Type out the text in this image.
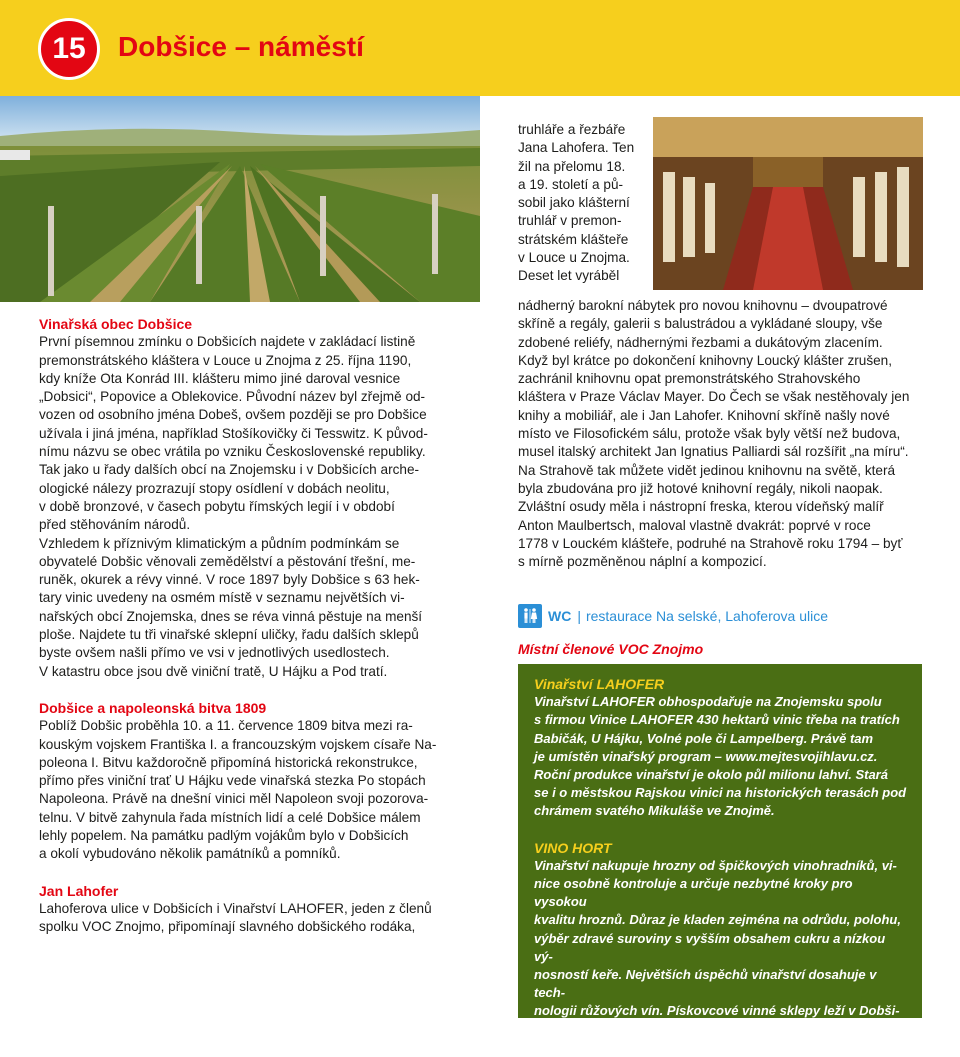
15	Dobšice – náměstí
Vinařská obec Dobšice

První písemnou zmínku o Dobšicích najdete v zakládací listině

premonstrátského kláštera v Louce u Znojma z 25. října 1190,

kdy kníže Ota Konrád III. klášteru mimo jiné daroval vesnice

„Dobsici“, Popovice a Oblekovice. Původní název byl zřejmě od-

vozen od osobního jména Dobeš, ovšem později se pro Dobšice

užívala i jiná jména, například Stošíkovičky či Tesswitz. K původ-

nímu názvu se obec vrátila po vzniku Československé republiky.

Tak jako u řady dalších obcí na Znojemsku i v Dobšicích arche-

ologické nálezy prozrazují stopy osídlení v dobách neolitu,

v době bronzové, v časech pobytu římských legií i v období

před stěhováním národů.

Vzhledem k příznivým klimatickým a půdním podmínkám se

obyvatelé Dobšic věnovali zemědělství a pěstování třešní, me-

runěk, okurek a révy vinné. V roce 1897 byly Dobšice s 63 hek-

tary vinic uvedeny na osmém místě v seznamu největších vi-

nařských obcí Znojemska, dnes se réva vinná pěstuje na menší

ploše. Najdete tu tři vinařské sklepní uličky, řadu dalších sklepů

byste ovšem našli přímo ve vsi v jednotlivých usedlostech.

V katastru obce jsou dvě viniční tratě, U Hájku a Pod tratí.

Dobšice a napoleonská bitva 1809

Poblíž Dobšic proběhla 10. a 11. července 1809 bitva mezi ra-

kouským vojskem Františka I. a francouzským vojskem císaře Na-

poleona I. Bitvu každoročně připomíná historická rekonstrukce,

přímo přes viniční trať U Hájku vede vinařská stezka Po stopách

Napoleona. Právě na dnešní vinici měl Napoleon svoji pozorova-

telnu. V bitvě zahynula řada místních lidí a celé Dobšice málem

lehly popelem. Na památku padlým vojákům bylo v Dobšicích

a okolí vybudováno několik památníků a pomníků.

Jan Lahofer

Lahoferova ulice v Dobšicích i Vinařství LAHOFER, jeden z členů

spolku VOC Znojmo, připomínají slavného dobšického rodáka,

truhláře a řezbáře

Jana Lahofera. Ten

žil na přelomu 18.

a 19. století a pů-

sobil jako klášterní

truhlář v premon-

strátském klášteře

v Louce u Znojma.

Deset let vyráběl

nádherný barokní nábytek pro novou knihovnu – dvoupatrové

skříně a regály, galerii s balustrádou a vykládané sloupy, vše

zdobené reliéfy, nádhernými řezbami a dukátovým zlacením.

Když byl krátce po dokončení knihovny Loucký klášter zrušen,

zachránil knihovnu opat premonstrátského Strahovského

kláštera v Praze Václav Mayer. Do Čech se však nestěhovaly jen

knihy a mobiliář, ale i Jan Lahofer. Knihovní skříně našly nové

místo ve Filosofickém sálu, protože však byly větší než budova,

musel italský architekt Jan Ignatius Palliardi sál rozšířit „na míru“.

Na Strahově tak můžete vidět jedinou knihovnu na světě, která

byla zbudována pro již hotové knihovní regály, nikoli naopak.

Zvláštní osudy měla i nástropní freska, kterou vídeňský malíř

Anton Maulbertsch, maloval vlastně dvakrát: poprvé v roce

1778 v Louckém klášteře, podruhé na Strahově roku 1794 – byť

s mírně pozměněnou náplní a kompozicí.

WC | restaurace Na selské, Lahoferova ulice
Místní členové VOC Znojmo
Vinařství LAHOFER

Vinařství LAHOFER obhospodařuje na Znojemsku spolu

s firmou Vinice LAHOFER 430 hektarů vinic třeba na tratích

Babičák, U Hájku, Volné pole či Lampelberg. Právě tam

je umístěn vinařský program – www.mejtesvojihlavu.cz.

Roční produkce vinařství je okolo půl milionu lahví. Stará

se i o městskou Rajskou vinici na historických terasách pod

chrámem svatého Mikuláše ve Znojmě.

VINO HORT

Vinařství nakupuje hrozny od špičkových vinohradníků, vi-

nice osobně kontroluje a určuje nezbytné kroky pro vysokou

kvalitu hroznů. Důraz je kladen zejména na odrůdu, polohu,

výběr zdravé suroviny s vyšším obsahem cukru a nízkou vý-

nosností keře. Největších úspěchů vinařství dosahuje v tech-

nologii růžových vín. Pískovcové vinné sklepy leží v Dobši-

cích u Znojma; v katastru této obce také leží vinice U hájku,

kde se pěstují odrůdy pro výrobu vín značky VOC Znojmo.
